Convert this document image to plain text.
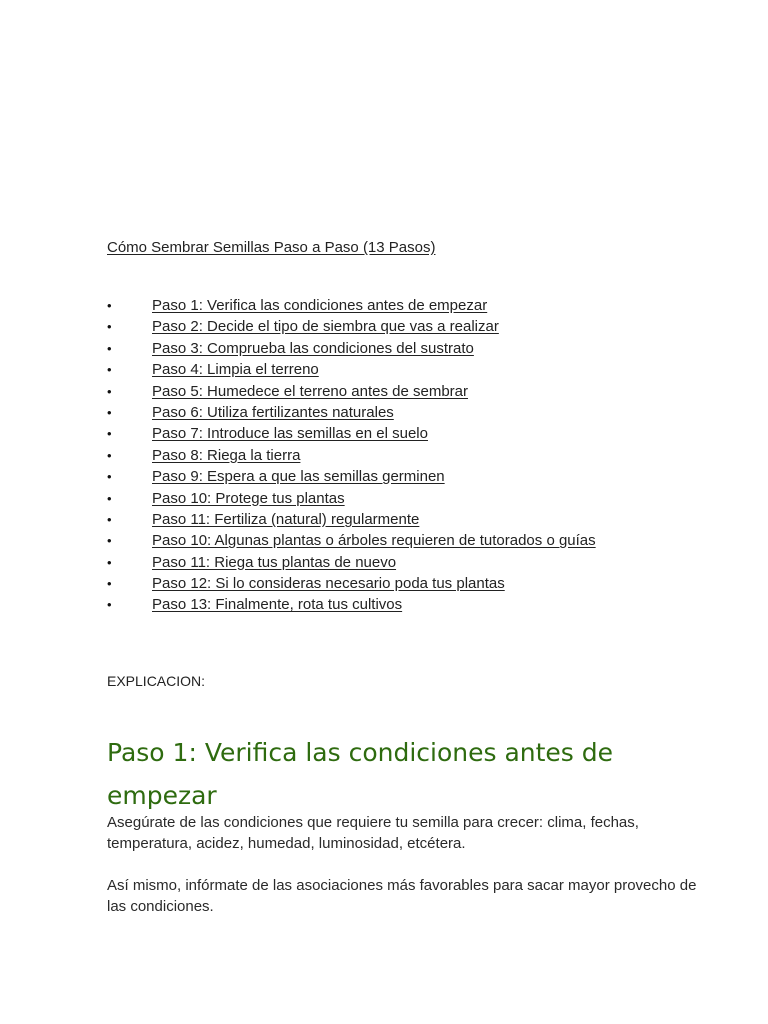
Cómo Sembrar Semillas Paso a Paso (13 Pasos)
•	Paso 1: Verifica las condiciones antes de empezar
•	Paso 2: Decide el tipo de siembra que vas a realizar
•	Paso 3: Comprueba las condiciones del sustrato
•	Paso 4: Limpia el terreno
•	Paso 5: Humedece el terreno antes de sembrar
•	Paso 6: Utiliza fertilizantes naturales
•	Paso 7: Introduce las semillas en el suelo
•	Paso 8: Riega la tierra
•	Paso 9: Espera a que las semillas germinen
•	Paso 10: Protege tus plantas
•	Paso 11: Fertiliza (natural) regularmente
•	Paso 10: Algunas plantas o árboles requieren de tutorados o guías
•	Paso 11: Riega tus plantas de nuevo
•	Paso 12: Si lo consideras necesario poda tus plantas
•	Paso 13: Finalmente, rota tus cultivos
EXPLICACION:
Paso 1: Verifica las condiciones antes de empezar

Asegúrate de las condiciones que requiere tu semilla para crecer: clima, fechas, temperatura, acidez, humedad, luminosidad, etcétera.

Así mismo, infórmate de las asociaciones más favorables para sacar mayor provecho de las condiciones.
